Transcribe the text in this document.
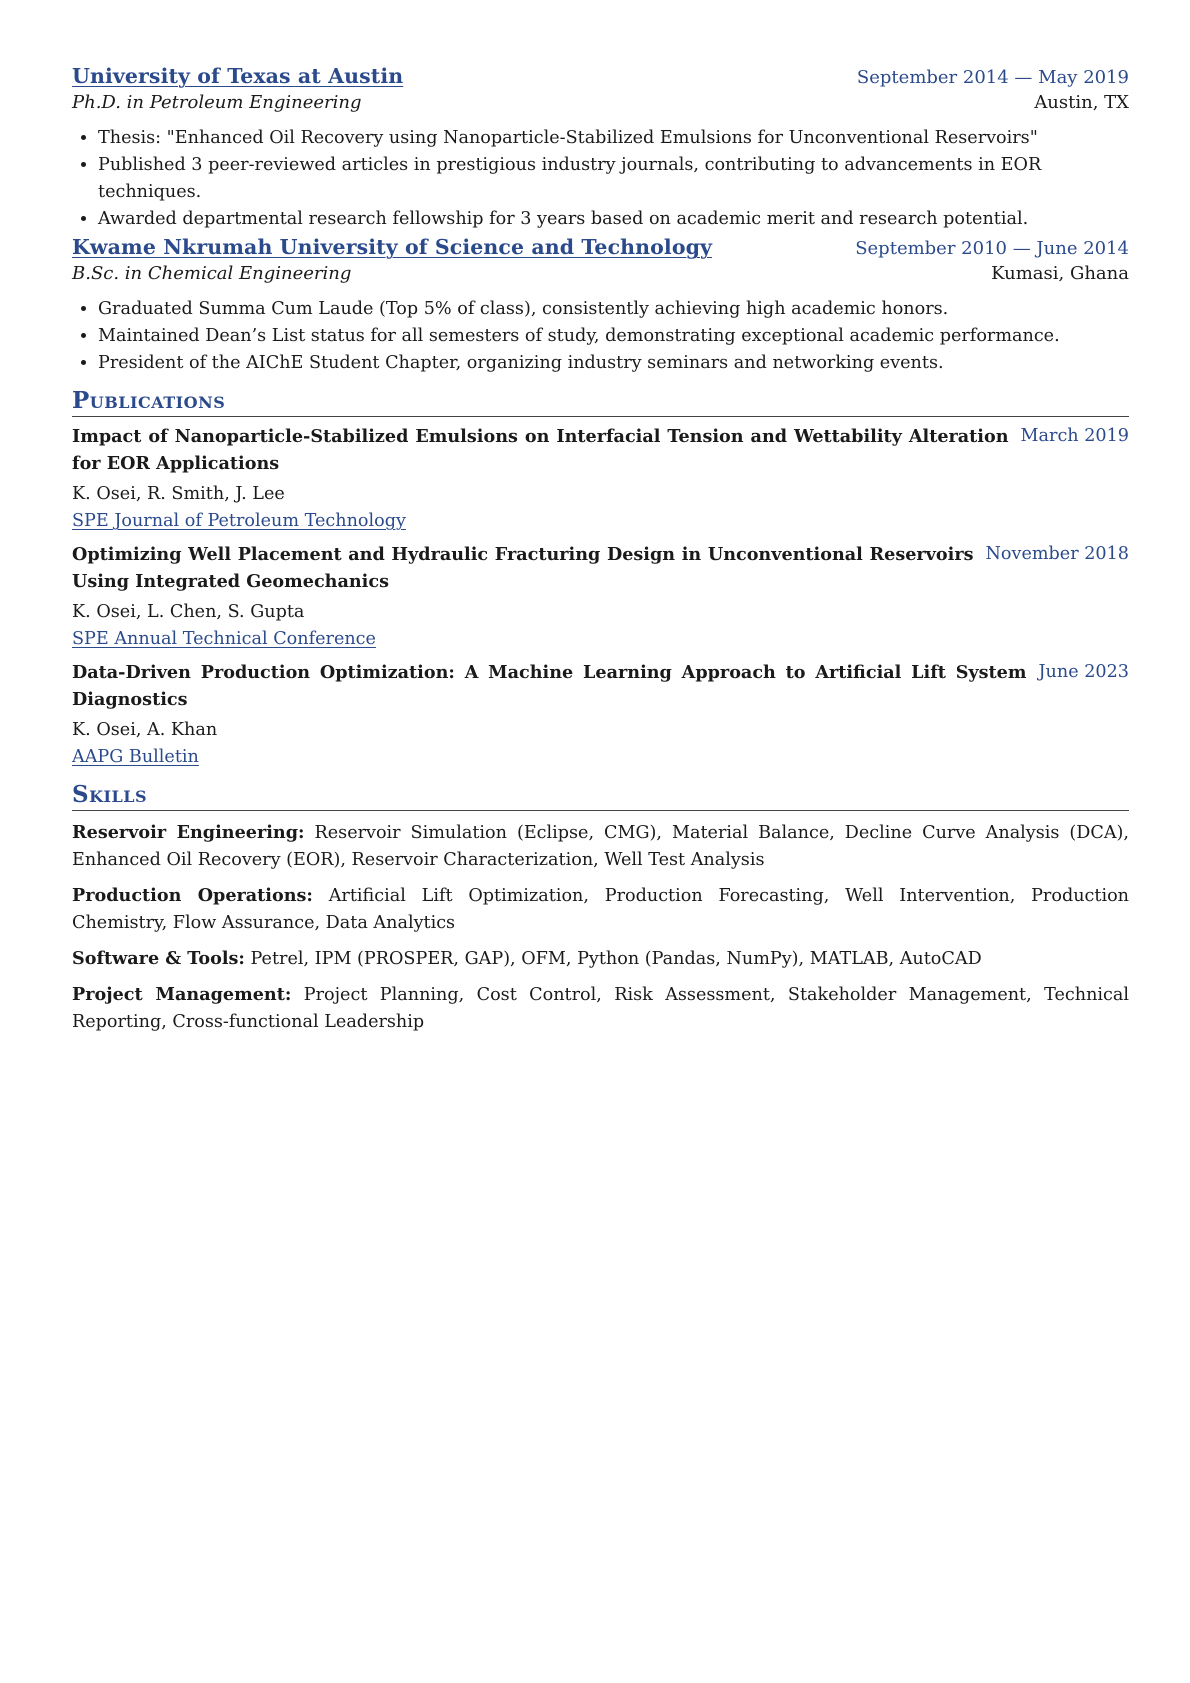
University of Texas at Austin	September 2014 — May 2019
Ph.D. in Petroleum Engineering	Austin, TX
• Thesis: "Enhanced Oil Recovery using Nanoparticle-Stabilized Emulsions for Unconventional Reservoirs"
• Published 3 peer-reviewed articles in prestigious industry journals, contributing to advancements in EOR techniques.
• Awarded departmental research fellowship for 3 years based on academic merit and research potential.
Kwame Nkrumah University of Science and Technology	September 2010 — June 2014
B.Sc. in Chemical Engineering	Kumasi, Ghana
• Graduated Summa Cum Laude (Top 5% of class), consistently achieving high academic honors.
• Maintained Dean’s List status for all semesters of study, demonstrating exceptional academic performance.
• President of the AIChE Student Chapter, organizing industry seminars and networking events.
Publications
Impact of Nanoparticle-Stabilized Emulsions on Interfacial Tension and Wettability Alteration for EOR Applications
March 2019
K. Osei, R. Smith, J. Lee
SPE Journal of Petroleum Technology
Optimizing Well Placement and Hydraulic Fracturing Design in Unconventional Reservoirs Using Integrated Geomechanics
November 2018
K. Osei, L. Chen, S. Gupta
SPE Annual Technical Conference
Data-Driven Production Optimization: A Machine Learning Approach to Artificial Lift System Diagnostics
June 2023
K. Osei, A. Khan
AAPG Bulletin
Skills
Reservoir Engineering: Reservoir Simulation (Eclipse, CMG), Material Balance, Decline Curve Analysis (DCA), Enhanced Oil Recovery (EOR), Reservoir Characterization, Well Test Analysis
Production Operations: Artificial Lift Optimization, Production Forecasting, Well Intervention, Production Chemistry, Flow Assurance, Data Analytics
Software & Tools: Petrel, IPM (PROSPER, GAP), OFM, Python (Pandas, NumPy), MATLAB, AutoCAD
Project Management: Project Planning, Cost Control, Risk Assessment, Stakeholder Management, Technical Reporting, Cross-functional Leadership
